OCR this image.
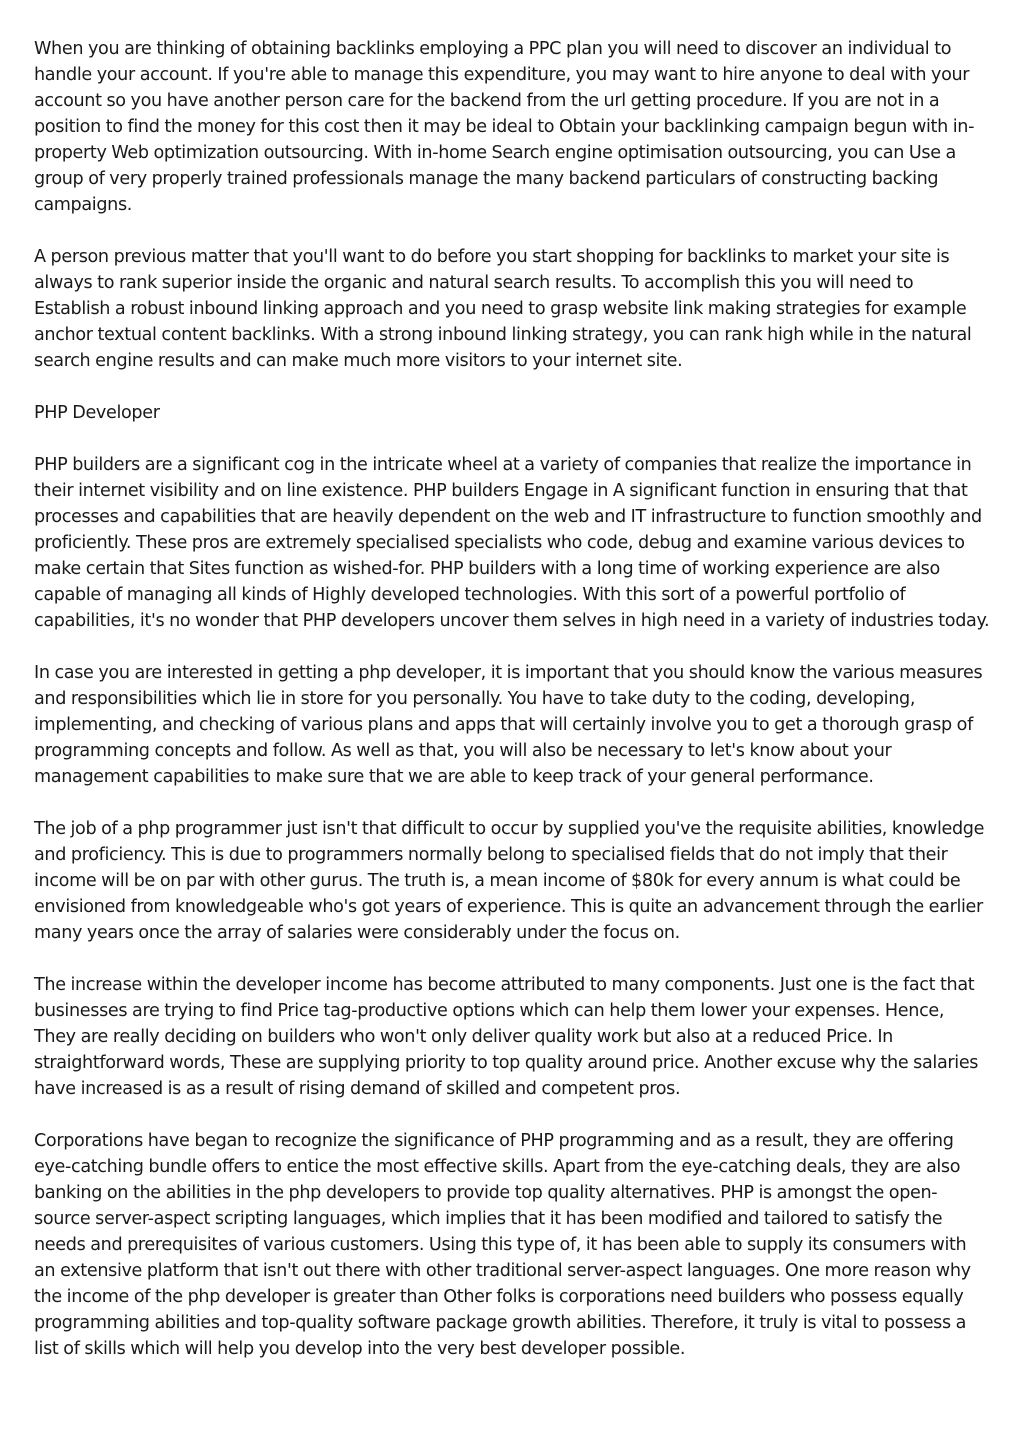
When you are thinking of obtaining backlinks employing a PPC plan you will need to discover an individual to handle your account. If you're able to manage this expenditure, you may want to hire anyone to deal with your account so you have another person care for the backend from the url getting procedure. If you are not in a position to find the money for this cost then it may be ideal to Obtain your backlinking campaign begun with in-property Web optimization outsourcing. With in-home Search engine optimisation outsourcing, you can Use a group of very properly trained professionals manage the many backend particulars of constructing backing campaigns.

A person previous matter that you'll want to do before you start shopping for backlinks to market your site is always to rank superior inside the organic and natural search results. To accomplish this you will need to Establish a robust inbound linking approach and you need to grasp website link making strategies for example anchor textual content backlinks. With a strong inbound linking strategy, you can rank high while in the natural search engine results and can make much more visitors to your internet site.

PHP Developer

PHP builders are a significant cog in the intricate wheel at a variety of companies that realize the importance in their internet visibility and on line existence. PHP builders Engage in A significant function in ensuring that that processes and capabilities that are heavily dependent on the web and IT infrastructure to function smoothly and proficiently. These pros are extremely specialised specialists who code, debug and examine various devices to make certain that Sites function as wished-for. PHP builders with a long time of working experience are also capable of managing all kinds of Highly developed technologies. With this sort of a powerful portfolio of capabilities, it's no wonder that PHP developers uncover them selves in high need in a variety of industries today.

In case you are interested in getting a php developer, it is important that you should know the various measures and responsibilities which lie in store for you personally. You have to take duty to the coding, developing, implementing, and checking of various plans and apps that will certainly involve you to get a thorough grasp of programming concepts and follow. As well as that, you will also be necessary to let's know about your management capabilities to make sure that we are able to keep track of your general performance.

The job of a php programmer just isn't that difficult to occur by supplied you've the requisite abilities, knowledge and proficiency. This is due to programmers normally belong to specialised fields that do not imply that their income will be on par with other gurus. The truth is, a mean income of $80k for every annum is what could be envisioned from knowledgeable who's got years of experience. This is quite an advancement through the earlier many years once the array of salaries were considerably under the focus on.

The increase within the developer income has become attributed to many components. Just one is the fact that businesses are trying to find Price tag-productive options which can help them lower your expenses. Hence, They are really deciding on builders who won't only deliver quality work but also at a reduced Price. In straightforward words, These are supplying priority to top quality around price. Another excuse why the salaries have increased is as a result of rising demand of skilled and competent pros.

Corporations have began to recognize the significance of PHP programming and as a result, they are offering eye-catching bundle offers to entice the most effective skills. Apart from the eye-catching deals, they are also banking on the abilities in the php developers to provide top quality alternatives. PHP is amongst the open-source server-aspect scripting languages, which implies that it has been modified and tailored to satisfy the needs and prerequisites of various customers. Using this type of, it has been able to supply its consumers with an extensive platform that isn't out there with other traditional server-aspect languages. One more reason why the income of the php developer is greater than Other folks is corporations need builders who possess equally programming abilities and top-quality software package growth abilities. Therefore, it truly is vital to possess a list of skills which will help you develop into the very best developer possible.
